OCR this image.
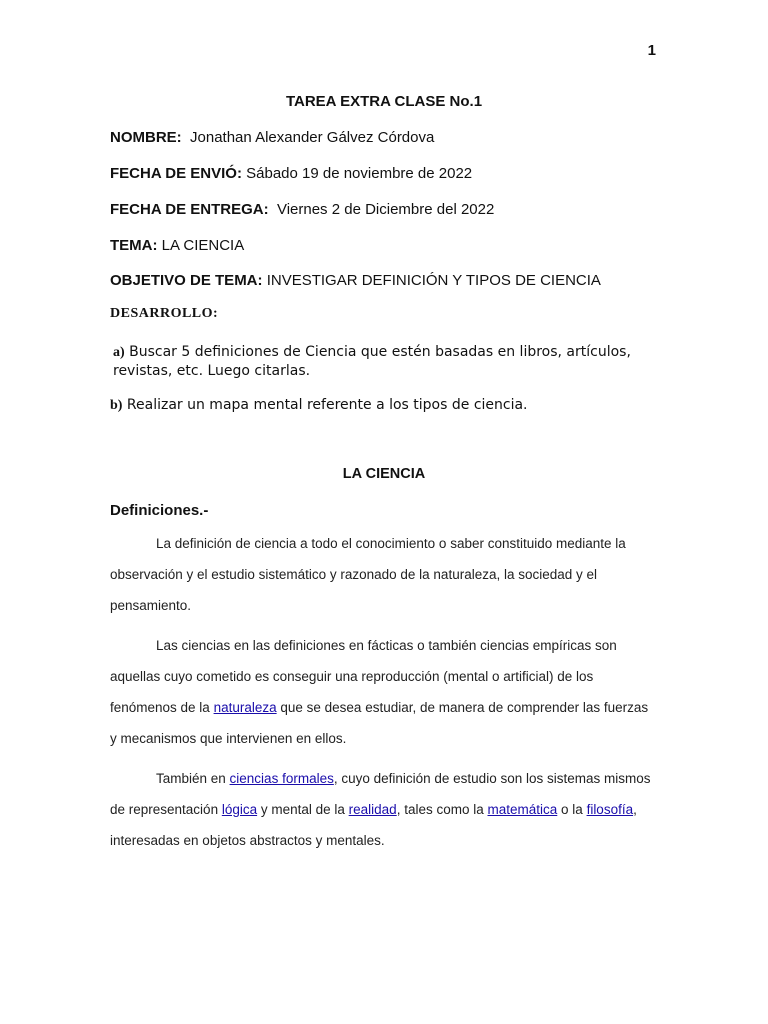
1
TAREA EXTRA CLASE No.1
NOMBRE: Jonathan Alexander Gálvez Córdova
FECHA DE ENVIÓ: Sábado 19 de noviembre de 2022
FECHA DE ENTREGA: Viernes 2 de Diciembre del 2022
TEMA: LA CIENCIA
OBJETIVO DE TEMA: INVESTIGAR DEFINICIÓN Y TIPOS DE CIENCIA
DESARROLLO:
a) Buscar 5 definiciones de Ciencia que estén basadas en libros, artículos, revistas, etc. Luego citarlas.
b) Realizar un mapa mental referente a los tipos de ciencia.
LA CIENCIA
Definiciones.-
La definición de ciencia a todo el conocimiento o saber constituido mediante la observación y el estudio sistemático y razonado de la naturaleza, la sociedad y el pensamiento.
Las ciencias en las definiciones en fácticas o también ciencias empíricas son aquellas cuyo cometido es conseguir una reproducción (mental o artificial) de los fenómenos de la naturaleza que se desea estudiar, de manera de comprender las fuerzas y mecanismos que intervienen en ellos.
También en ciencias formales, cuyo definición de estudio son los sistemas mismos de representación lógica y mental de la realidad, tales como la matemática o la filosofía, interesadas en objetos abstractos y mentales.
